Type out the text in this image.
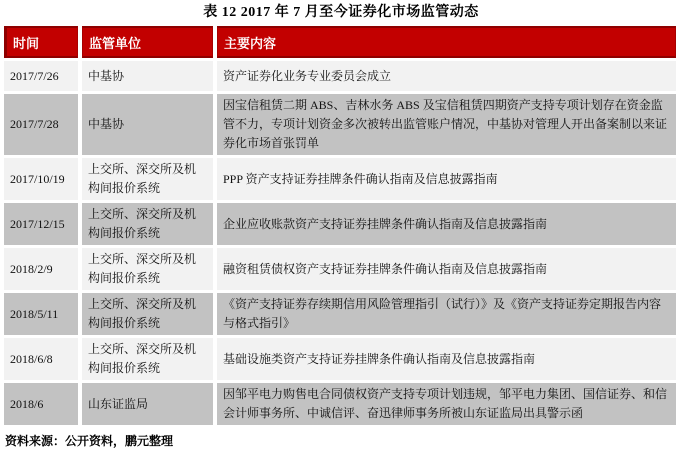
表 12 2017 年 7 月至今证券化市场监管动态
时间	监管单位	主要内容
2017/7/26	中基协	资产证券化业务专业委员会成立
2017/7/28	中基协	因宝信租赁二期 ABS、吉林水务 ABS 及宝信租赁四期资产支持专项计划存在资金监管不力，专项计划资金多次被转出监管账户情况，中基协对管理人开出备案制以来证券化市场首张罚单
2017/10/19	上交所、深交所及机构间报价系统	PPP 资产支持证券挂牌条件确认指南及信息披露指南
2017/12/15	上交所、深交所及机构间报价系统	企业应收账款资产支持证券挂牌条件确认指南及信息披露指南
2018/2/9	上交所、深交所及机构间报价系统	融资租赁债权资产支持证券挂牌条件确认指南及信息披露指南
2018/5/11	上交所、深交所及机构间报价系统	《资产支持证券存续期信用风险管理指引（试行）》及《资产支持证券定期报告内容与格式指引》
2018/6/8	上交所、深交所及机构间报价系统	基础设施类资产支持证券挂牌条件确认指南及信息披露指南
2018/6	山东证监局	因邹平电力购售电合同债权资产支持专项计划违规，邹平电力集团、国信证券、和信会计师事务所、中诚信评、奋迅律师事务所被山东证监局出具警示函
资料来源：公开资料，鹏元整理
